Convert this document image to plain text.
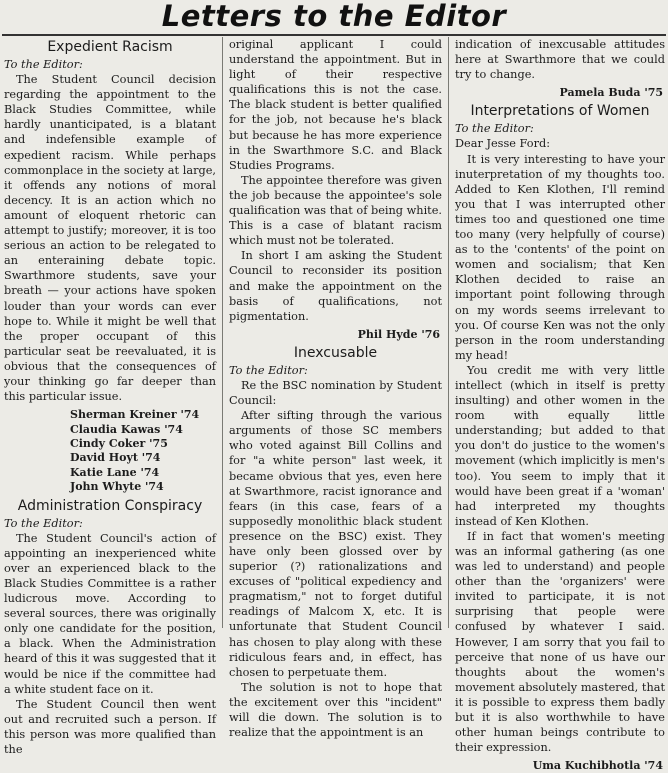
Letters to the Editor
Expedient Racism
To the Editor:

The Student Council decision regarding the appointment to the Black Studies Committee, while hardly unanticipated, is a blatant and indefensible example of expedient racism. While perhaps commonplace in the society at large, it offends any notions of moral decency. It is an action which no amount of eloquent rhetoric can attempt to justify; moreover, it is too serious an action to be relegated to an enteraining debate topic. Swarthmore students, save your breath — your actions have spoken louder than your words can ever hope to. While it might be well that the proper occupant of this particular seat be reevaluated, it is obvious that the consequences of your thinking go far deeper than this particular issue.

Sherman Kreiner '74
Claudia Kawas '74
Cindy Coker '75
David Hoyt '74
Katie Lane '74
John Whyte '74
Administration Conspiracy
To the Editor:

The Student Council's action of appointing an inexperienced white over an experienced black to the Black Studies Committee is a rather ludicrous move. According to several sources, there was originally only one candidate for the position, a black. When the Administration heard of this it was suggested that it would be nice if the committee had a white student face on it.

The Student Council then went out and recruited such a person. If this person was more qualified than the

original applicant I could understand the appointment. But in light of their respective qualifications this is not the case. The black student is better qualified for the job, not because he's black but because he has more experience in the Swarthmore S.C. and Black Studies Programs.

The appointee therefore was given the job because the appointee's sole qualification was that of being white. This is a case of blatant racism which must not be tolerated.

In short I am asking the Student Council to reconsider its position and make the appointment on the basis of qualifications, not pigmentation.

Phil Hyde '76
Inexcusable
To the Editor:

Re the BSC nomination by Student Council:

After sifting through the various arguments of those SC members who voted against Bill Collins and for "a white person" last week, it became obvious that yes, even here at Swarthmore, racist ignorance and fears (in this case, fears of a supposedly monolithic black student presence on the BSC) exist. They have only been glossed over by superior (?) rationalizations and excuses of "political expediency and pragmatism," not to forget dutiful readings of Malcom X, etc. It is unfortunate that Student Council has chosen to play along with these ridiculous fears and, in effect, has chosen to perpetuate them.

The solution is not to hope that the excitement over this "incident" will die down. The solution is to realize that the appointment is an

indication of inexcusable attitudes here at Swarthmore that we could try to change.

Pamela Buda '75
Interpretations of Women
To the Editor:

Dear Jesse Ford:

It is very interesting to have your inuterpretation of my thoughts too. Added to Ken Klothen, I'll remind you that I was interrupted other times too and questioned one time too many (very helpfully of course) as to the 'contents' of the point on women and socialism; that Ken Klothen decided to raise an important point following through on my words seems irrelevant to you. Of course Ken was not the only person in the room understanding my head!

You credit me with very little intellect (which in itself is pretty insulting) and other women in the room with equally little understanding; but added to that you don't do justice to the women's movement (which implicitly is men's too). You seem to imply that it would have been great if a 'woman' had interpreted my thoughts instead of Ken Klothen.

If in fact that women's meeting was an informal gathering (as one was led to understand) and people other than the 'organizers' were invited to participate, it is not surprising that people were confused by whatever I said. However, I am sorry that you fail to perceive that none of us have our thoughts about the women's movement absolutely mastered, that it is possible to express them badly but it is also worthwhile to have other human beings contribute to their expression.

Uma Kuchibhotla '74
